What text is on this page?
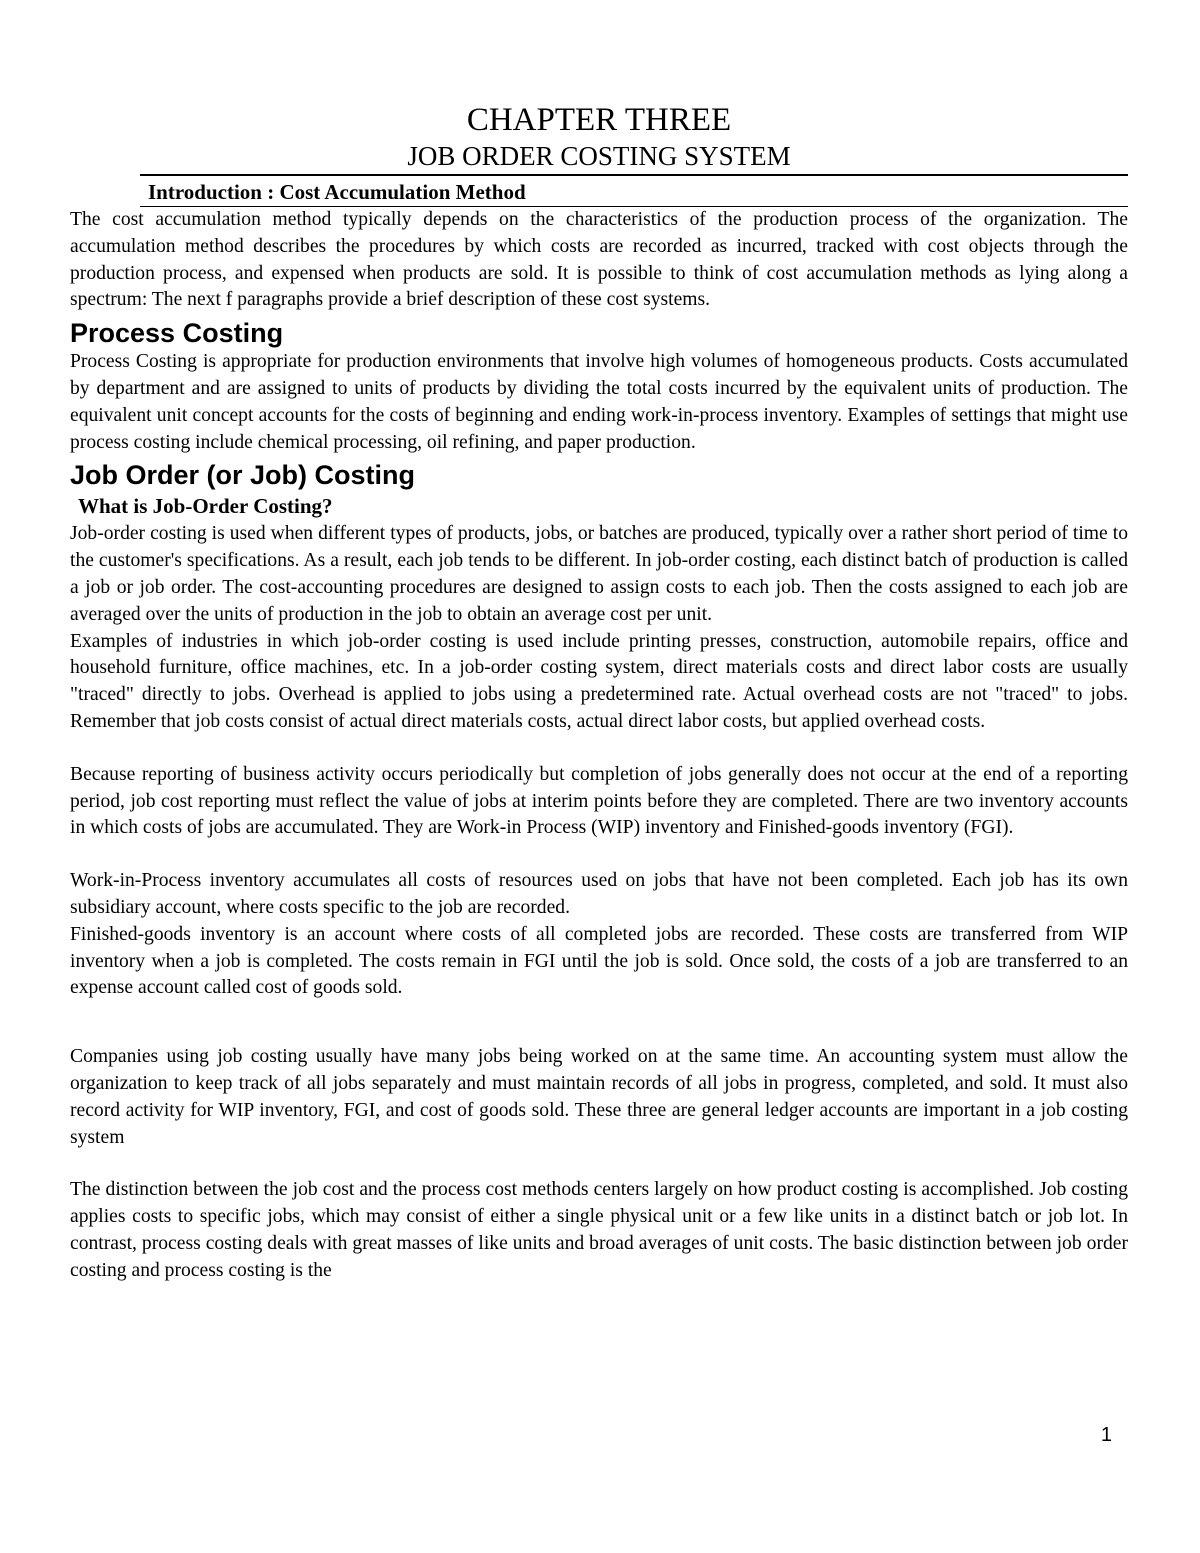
CHAPTER THREE
JOB ORDER COSTING SYSTEM
Introduction : Cost Accumulation Method

The cost accumulation method typically depends on the characteristics of the production process of the organization. The accumulation method describes the procedures by which costs are recorded as incurred, tracked with cost objects through the production process, and expensed when products are sold. It is possible to think of cost accumulation methods as lying along a spectrum: The next f paragraphs provide a brief description of these cost systems.

Process Costing

Process Costing is appropriate for production environments that involve high volumes of homogeneous products. Costs accumulated by department and are assigned to units of products by dividing the total costs incurred by the equivalent units of production. The equivalent unit concept accounts for the costs of beginning and ending work-in-process inventory. Examples of settings that might use process costing include chemical processing, oil refining, and paper production.

Job Order (or Job) Costing
What is Job-Order Costing?

Job-order costing is used when different types of products, jobs, or batches are produced, typically over a rather short period of time to the customer's specifications. As a result, each job tends to be different. In job-order costing, each distinct batch of production is called a job or job order. The cost-accounting procedures are designed to assign costs to each job. Then the costs assigned to each job are averaged over the units of production in the job to obtain an average cost per unit.

Examples of industries in which job-order costing is used include printing presses, construction, automobile repairs, office and household furniture, office machines, etc. In a job-order costing system, direct materials costs and direct labor costs are usually "traced" directly to jobs. Overhead is applied to jobs using a predetermined rate. Actual overhead costs are not "traced" to jobs. Remember that job costs consist of actual direct materials costs, actual direct labor costs, but applied overhead costs.

Because reporting of business activity occurs periodically but completion of jobs generally does not occur at the end of a reporting period, job cost reporting must reflect the value of jobs at interim points before they are completed. There are two inventory accounts in which costs of jobs are accumulated. They are Work-in Process (WIP) inventory and Finished-goods inventory (FGI).

Work-in-Process inventory accumulates all costs of resources used on jobs that have not been completed. Each job has its own subsidiary account, where costs specific to the job are recorded.

Finished-goods inventory is an account where costs of all completed jobs are recorded. These costs are transferred from WIP inventory when a job is completed. The costs remain in FGI until the job is sold. Once sold, the costs of a job are transferred to an expense account called cost of goods sold.

Companies using job costing usually have many jobs being worked on at the same time. An accounting system must allow the organization to keep track of all jobs separately and must maintain records of all jobs in progress, completed, and sold. It must also record activity for WIP inventory, FGI, and cost of goods sold. These three are general ledger accounts are important in a job costing system

The distinction between the job cost and the process cost methods centers largely on how product costing is accomplished. Job costing applies costs to specific jobs, which may consist of either a single physical unit or a few like units in a distinct batch or job lot. In contrast, process costing deals with great masses of like units and broad averages of unit costs. The basic distinction between job order costing and process costing is the

1
